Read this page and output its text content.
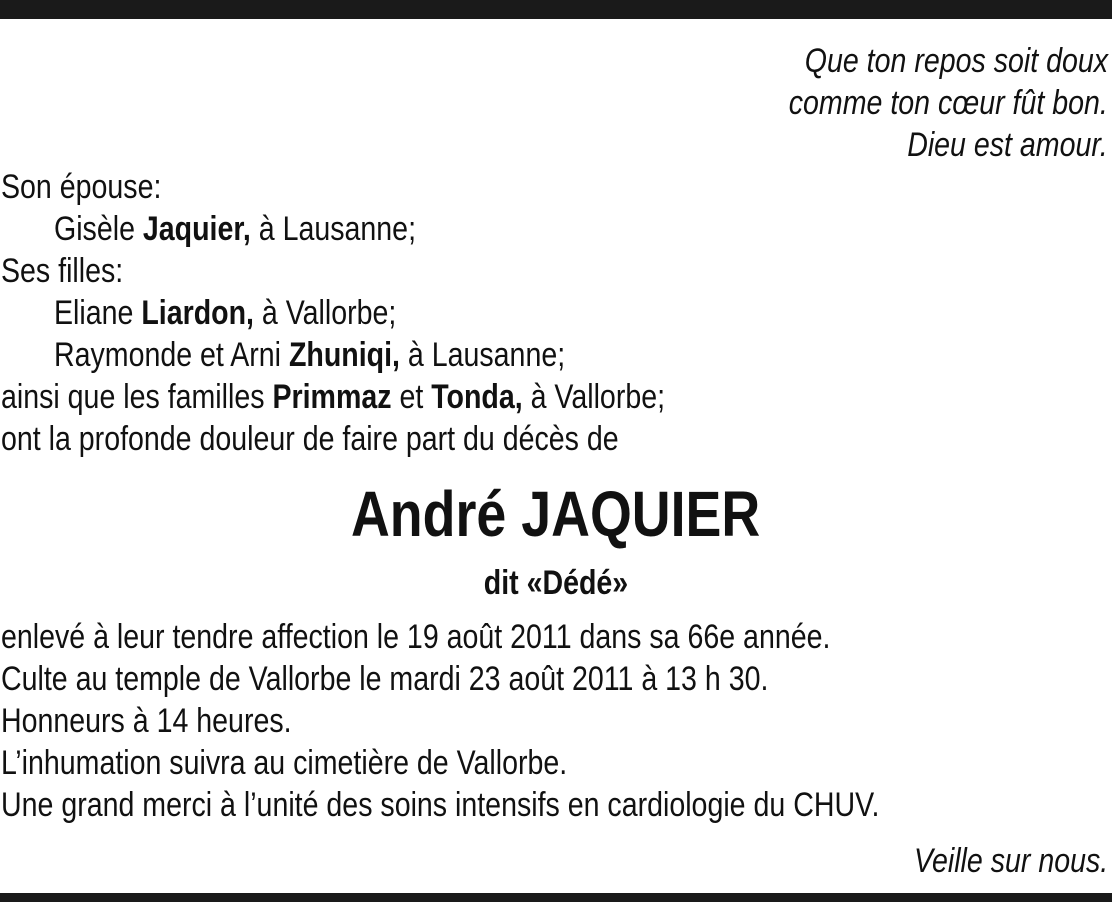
Que ton repos soit doux
comme ton cœur fût bon.
Dieu est amour.
Son épouse:
Gisèle Jaquier, à Lausanne;
Ses filles:
Eliane Liardon, à Vallorbe;
Raymonde et Arni Zhuniqi, à Lausanne;
ainsi que les familles Primmaz et Tonda, à Vallorbe;
ont la profonde douleur de faire part du décès de
André JAQUIER
dit «Dédé»
enlevé à leur tendre affection le 19 août 2011 dans sa 66e année.
Culte au temple de Vallorbe le mardi 23 août 2011 à 13 h 30.
Honneurs à 14 heures.
L’inhumation suivra au cimetière de Vallorbe.
Une grand merci à l’unité des soins intensifs en cardiologie du CHUV.
Veille sur nous.
